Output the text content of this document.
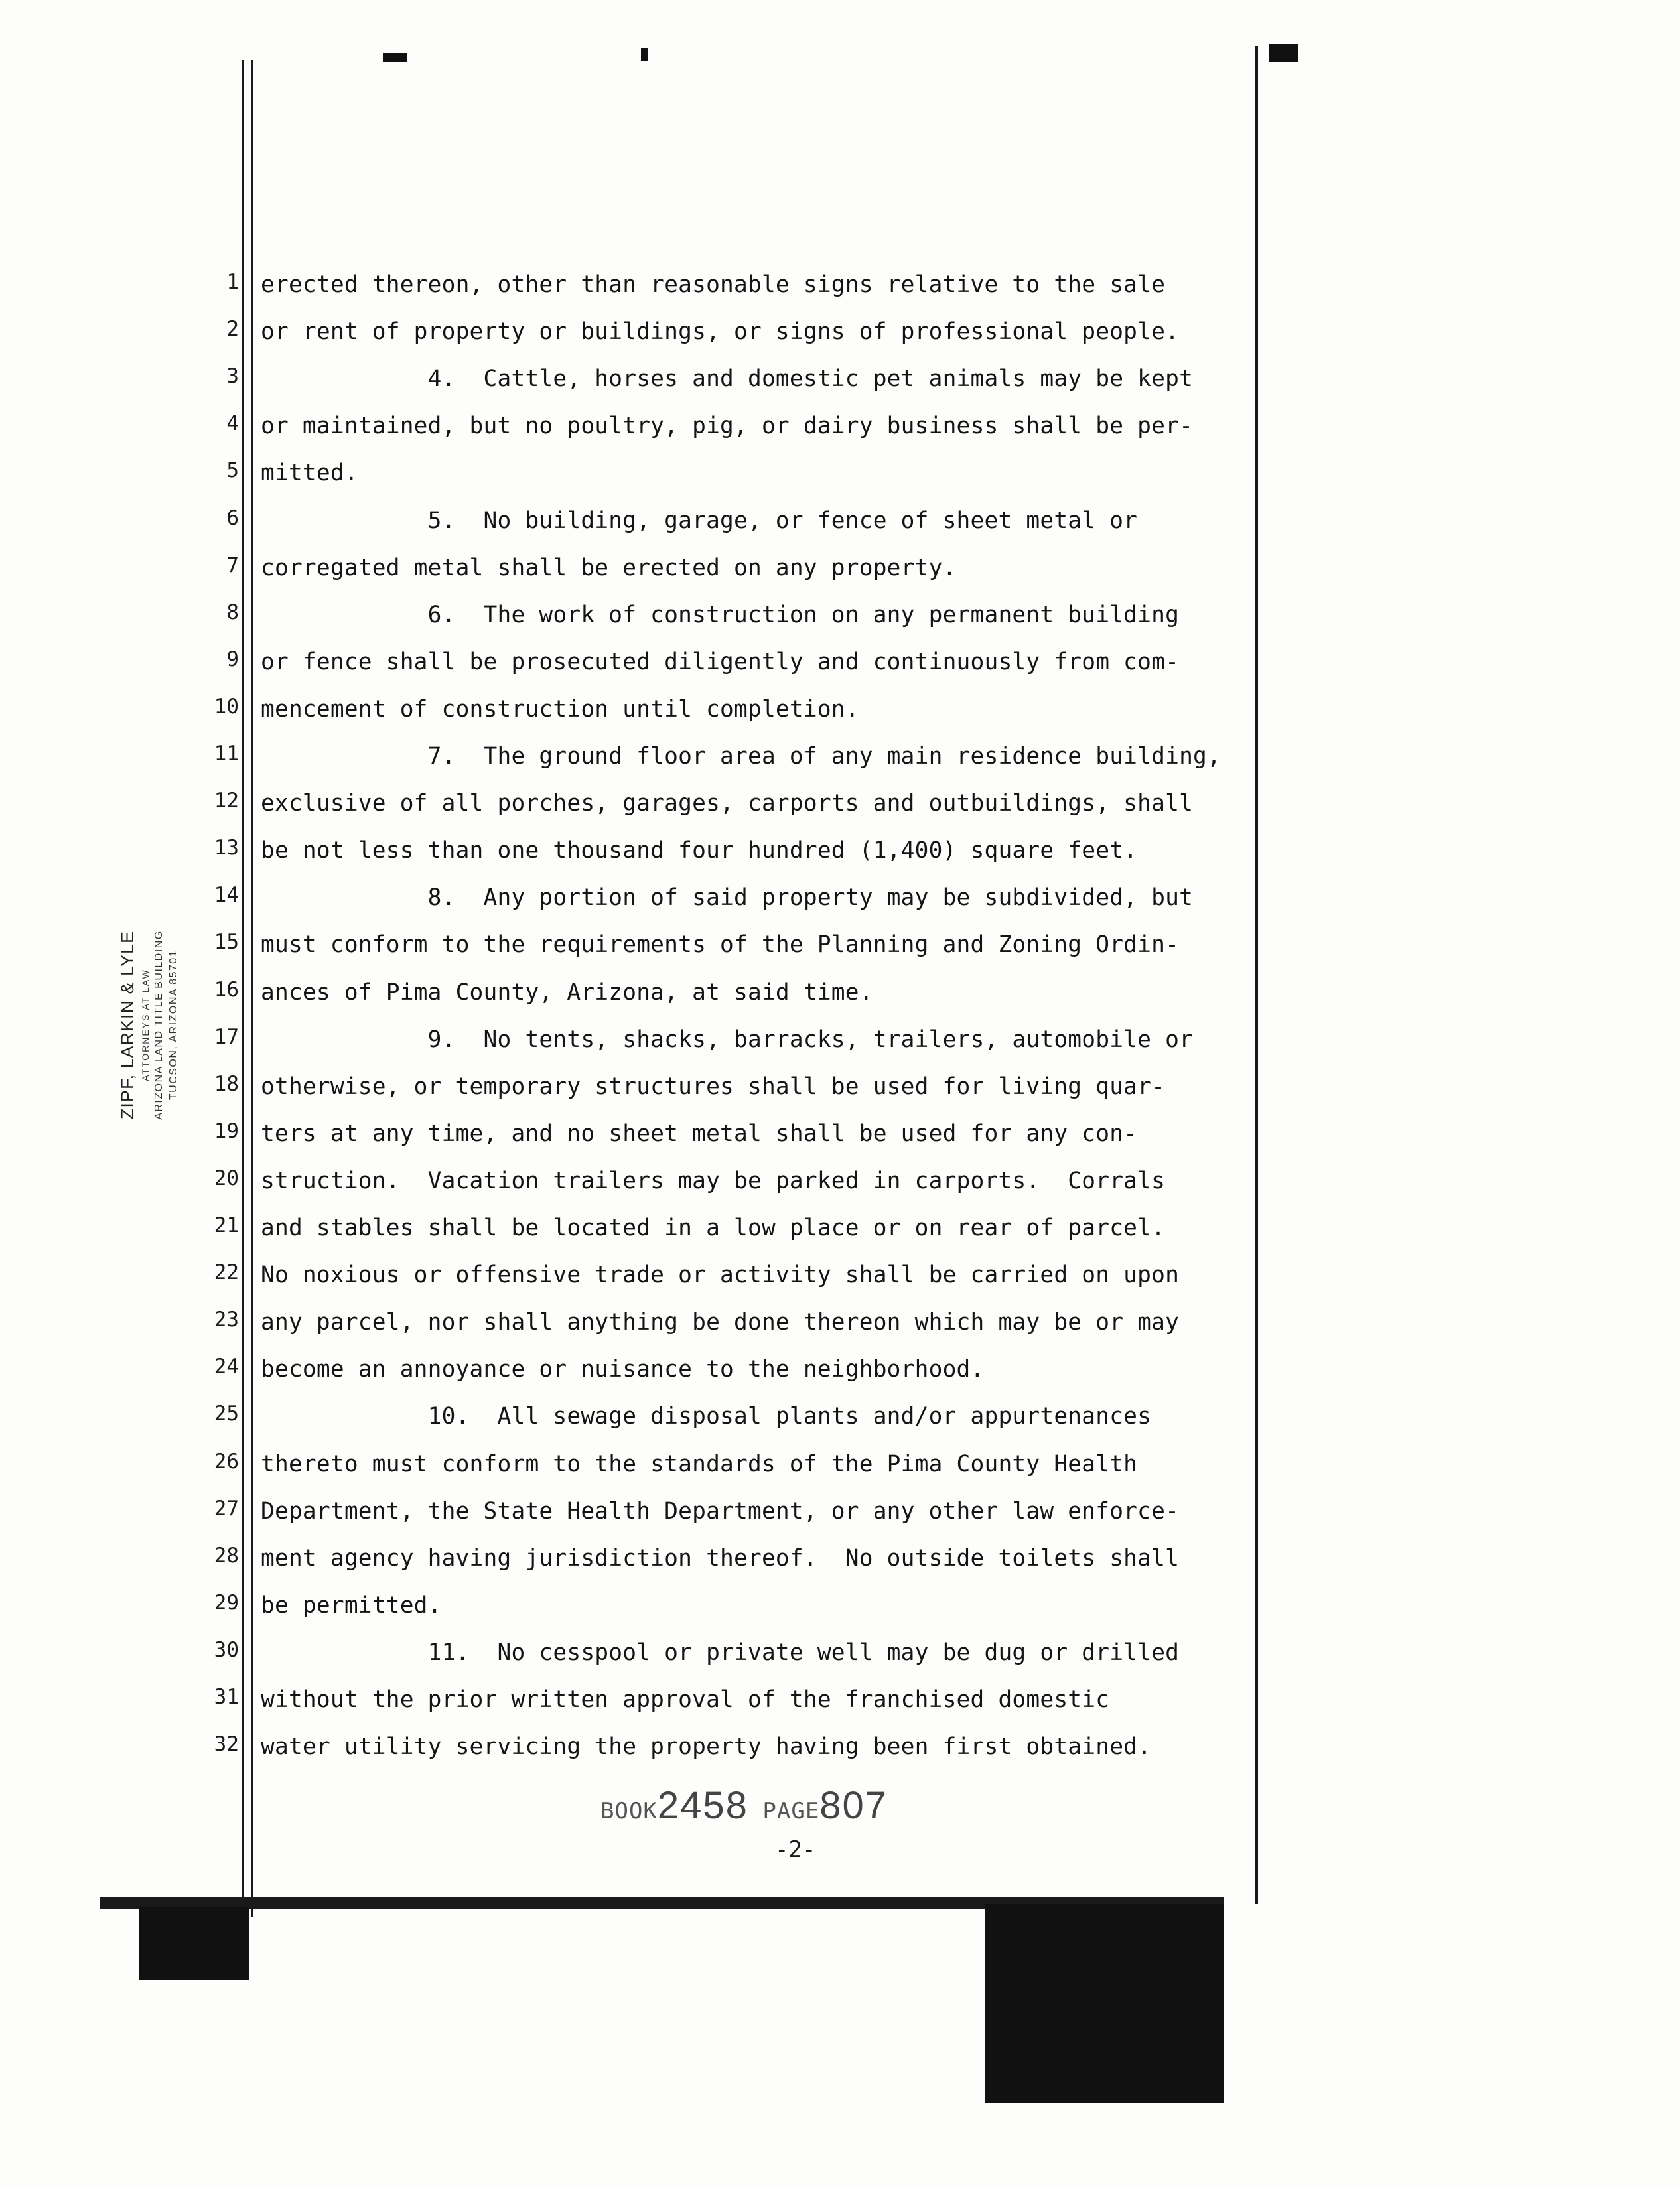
ZIPF, LARKIN & LYLE ATTORNEYS AT LAW ARIZONA LAND TITLE BUILDING TUCSON, ARIZONA 85701
1
2
3
4
5
6
7
8
9
10
11
12
13
14
15
16
17
18
19
20
21
22
23
24
25
26
27
28
29
30
31
32
erected thereon, other than reasonable signs relative to the sale
or rent of property or buildings, or signs of professional people.
4.  Cattle, horses and domestic pet animals may be kept
or maintained, but no poultry, pig, or dairy business shall be per-
mitted.
5.  No building, garage, or fence of sheet metal or
corregated metal shall be erected on any property.
6.  The work of construction on any permanent building
or fence shall be prosecuted diligently and continuously from com-
mencement of construction until completion.
7.  The ground floor area of any main residence building,
exclusive of all porches, garages, carports and outbuildings, shall
be not less than one thousand four hundred (1,400) square feet.
8.  Any portion of said property may be subdivided, but
must conform to the requirements of the Planning and Zoning Ordin-
ances of Pima County, Arizona, at said time.
9.  No tents, shacks, barracks, trailers, automobile or
otherwise, or temporary structures shall be used for living quar-
ters at any time, and no sheet metal shall be used for any con-
struction.  Vacation trailers may be parked in carports.  Corrals
and stables shall be located in a low place or on rear of parcel.
No noxious or offensive trade or activity shall be carried on upon
any parcel, nor shall anything be done thereon which may be or may
become an annoyance or nuisance to the neighborhood.
10.  All sewage disposal plants and/or appurtenances
thereto must conform to the standards of the Pima County Health
Department, the State Health Department, or any other law enforce-
ment agency having jurisdiction thereof.  No outside toilets shall
be permitted.
11.  No cesspool or private well may be dug or drilled
without the prior written approval of the franchised domestic
water utility servicing the property having been first obtained.
BOOK2458 PAGE807
-2-
